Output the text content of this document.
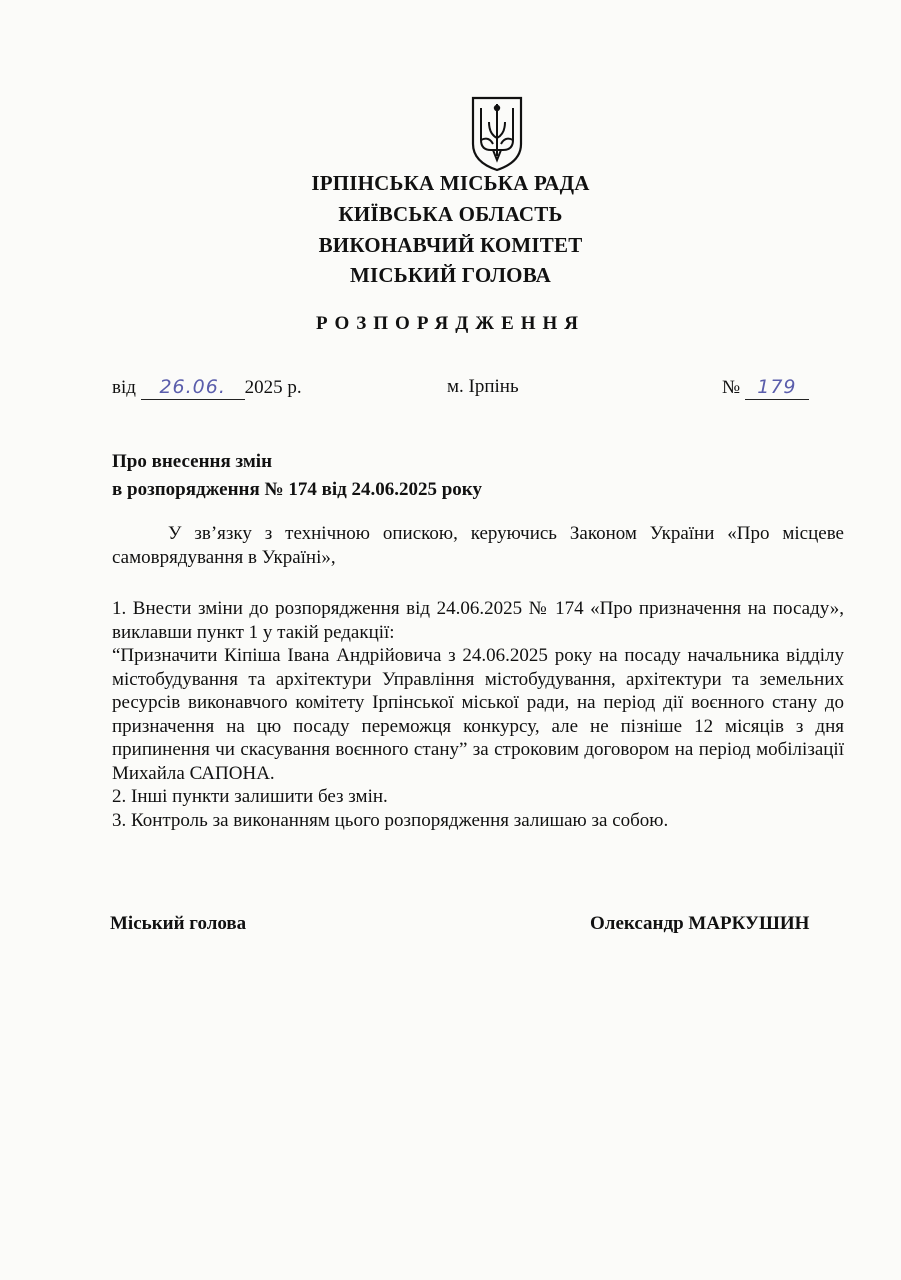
ІРПІНСЬКА МІСЬКА РАДА
КИЇВСЬКА ОБЛАСТЬ
ВИКОНАВЧИЙ КОМІТЕТ
МІСЬКИЙ ГОЛОВА
РОЗПОРЯДЖЕННЯ
від 26.06. 2025 р.	м. Ірпінь	№ 179
Про внесення змін
в розпорядження № 174 від 24.06.2025 року

У зв’язку з технічною опискою, керуючись Законом України «Про місцеве самоврядування в Україні»,

1. Внести зміни до розпорядження від 24.06.2025 № 174 «Про призначення на посаду», виклавши пункт 1 у такій редакції:

“Призначити Кіпіша Івана Андрійовича з 24.06.2025 року на посаду начальника відділу містобудування та архітектури Управління містобудування, архітектури та земельних ресурсів виконавчого комітету Ірпінської міської ради, на період дії воєнного стану до призначення на цю посаду переможця конкурсу, але не пізніше 12 місяців з дня припинення чи скасування воєнного стану” за строковим договором на період мобілізації Михайла САПОНА.

2. Інші пункти залишити без змін.

3. Контроль за виконанням цього розпорядження залишаю за собою.

Міський голова	Олександр МАРКУШИН
